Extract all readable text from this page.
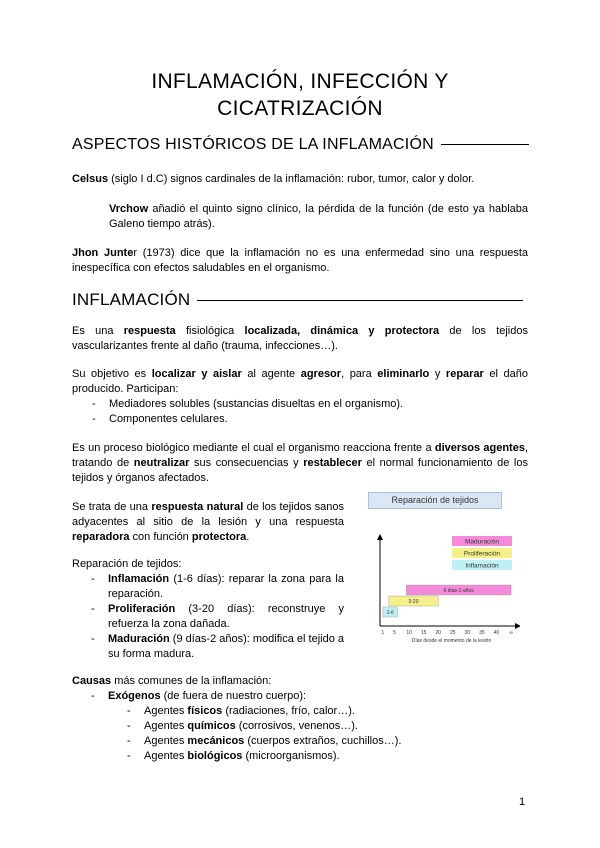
INFLAMACIÓN, INFECCIÓN Y
CICATRIZACIÓN
ASPECTOS HISTÓRICOS DE LA INFLAMACIÓN
Celsus (siglo I d.C) signos cardinales de la inflamación: rubor, tumor, calor y dolor.
Vrchow añadió el quinto signo clínico, la pérdida de la función (de esto ya hablaba Galeno tiempo atrás).
Jhon Junter (1973) dice que la inflamación no es una enfermedad sino una respuesta inespecífica con efectos saludables en el organismo.
INFLAMACIÓN
Es una respuesta fisiológica localizada, dinámica y protectora de los tejidos vascularizantes frente al daño (trauma, infecciones…).
Su objetivo es localizar y aislar al agente agresor, para eliminarlo y reparar el daño producido. Participan:
- Mediadores solubles (sustancias disueltas en el organismo).
- Componentes celulares.
Es un proceso biológico mediante el cual el organismo reacciona frente a diversos agentes, tratando de neutralizar sus consecuencias y restablecer el normal funcionamiento de los tejidos y órganos afectados.
Se trata de una respuesta natural de los tejidos sanos adyacentes al sitio de la lesión y una respuesta reparadora con función protectora.
Reparación de tejidos:
- Inflamación (1-6 días): reparar la zona para la reparación.
- Proliferación (3-20 días): reconstruye y refuerza la zona dañada.
- Maduración (9 días-2 años): modifica el tejido a su forma madura.
Causas más comunes de la inflamación:
- Exógenos (de fuera de nuestro cuerpo):
- Agentes físicos (radiaciones, frío, calor…).
- Agentes químicos (corrosivos, venenos…).
- Agentes mecánicos (cuerpos extraños, cuchillos…).
- Agentes biológicos (microorganismos).
Reparación de tejidos
1 5 10 15 20 25 30 35 40 ∞
Días desde el momento de la lesión
1-6
3-20
9 días-2 años
Maduración
Proliferación
Inflamación
1
